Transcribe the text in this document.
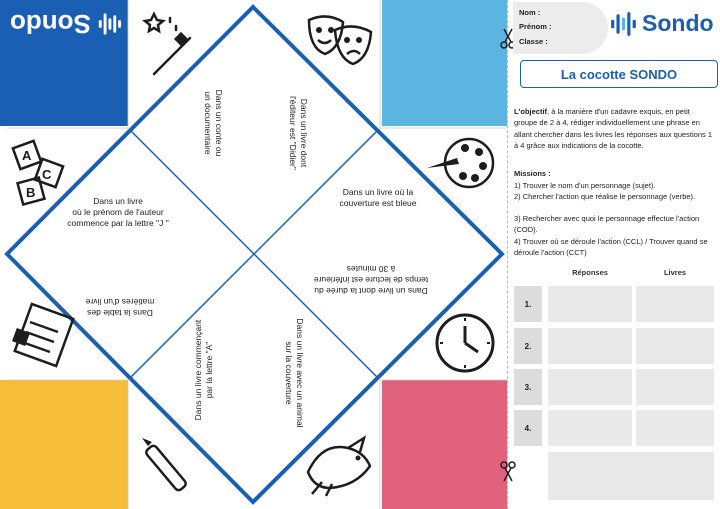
Sondo
A
C
B
Dans un conte ou
un documentaire	Dans un livre dont
l'éditeur est "Didier"
Dans un livre
où le prénom de l'auteur
commence par la lettre "J "
Dans un livre où la
couverture est bleue
Dans la table des
matières d'un livre
Dans un livre dont la durée du
temps de lecture est inférieure
à 30 minutes
Dans un livre commençant
par la lettre "A"
Dans un livre avec un animal
sur la couverture
Nom :
Prénom :
Classe :
Sondo
La cocotte SONDO
L'objectif, à la manière d'un cadavre exquis, en petit groupe de 2 à 4, rédiger individuellement une phrase en allant chercher dans les livres les réponses aux questions 1 à 4 grâce aux indications de la cocotte.
Missions :
1) Trouver le nom d'un personnage (sujet).
2) Chercher l'action que réalise le personnage (verbe).
3) Rechercher avec quoi le personnage effectue l'action (COD).
4) Trouver où se déroule l'action (CCL) / Trouver quand se déroule l'action (CCT)
Réponses	Livres
1.
2.
3.
4.
